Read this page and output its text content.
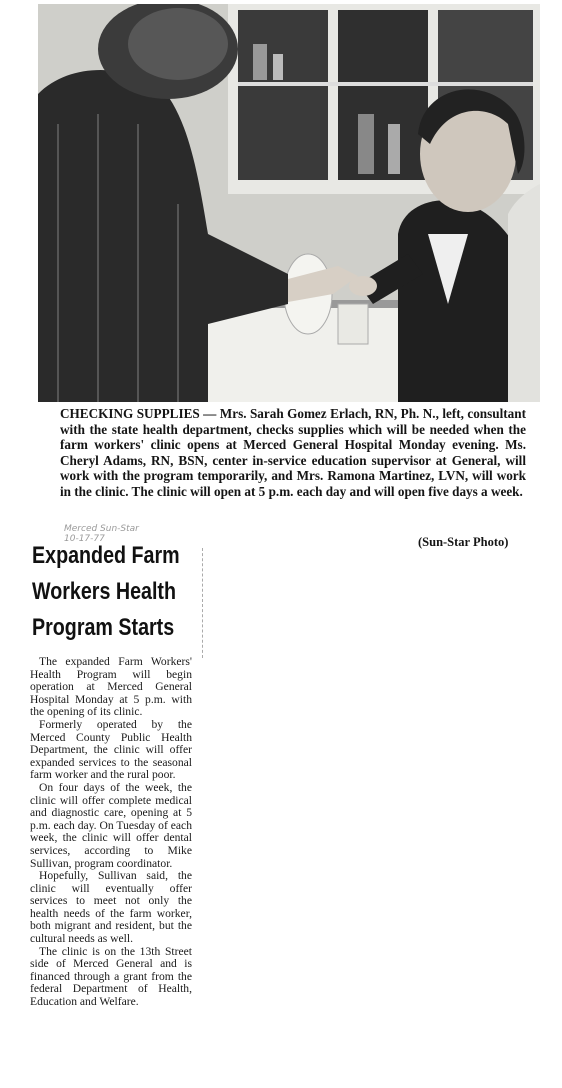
CHECKING SUPPLIES — Mrs. Sarah Gomez Erlach, RN, Ph. N., left, consultant with the state health department, checks supplies which will be needed when the farm workers' clinic opens at Merced General Hospital Monday evening. Ms. Cheryl Adams, RN, BSN, center in-service education supervisor at General, will work with the program temporarily, and Mrs. Ramona Martinez, LVN, will work in the clinic. The clinic will open at 5 p.m. each day and will open five days a week.
Merced Sun-Star
10-17-77	(Sun-Star Photo)
Expanded Farm
Workers Health
Program Starts

The expanded Farm Workers' Health Program will begin operation at Merced General Hospital Monday at 5 p.m. with the opening of its clinic.

Formerly operated by the Merced County Public Health Department, the clinic will offer expanded services to the seasonal farm worker and the rural poor.

On four days of the week, the clinic will offer complete medical and diagnostic care, opening at 5 p.m. each day. On Tuesday of each week, the clinic will offer dental services, according to Mike Sullivan, program coordinator.

Hopefully, Sullivan said, the clinic will eventually offer services to meet not only the health needs of the farm worker, both migrant and resident, but the cultural needs as well.

The clinic is on the 13th Street side of Merced General and is financed through a grant from the federal Department of Health, Education and Welfare.
